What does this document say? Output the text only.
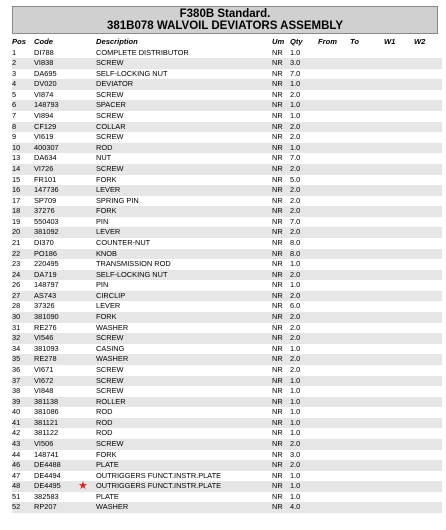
F380B Standard.
381B078 WALVOIL DEVIATORS ASSEMBLY
Pos	Code		Description	Um	Qty	From	To	W1	W2
1	DI788		COMPLETE DISTRIBUTOR	NR	1.0				
2	VI838		SCREW	NR	3.0				
3	DA695		SELF-LOCKING NUT	NR	7.0				
4	DV020		DEVIATOR	NR	1.0				
5	VI874		SCREW	NR	2.0				
6	148793		SPACER	NR	1.0				
7	VI894		SCREW	NR	1.0				
8	CF129		COLLAR	NR	2.0				
9	VI619		SCREW	NR	2.0				
10	400307		ROD	NR	1.0				
13	DA634		NUT	NR	7.0				
14	VI726		SCREW	NR	2.0				
15	FR101		FORK	NR	5.0				
16	147736		LEVER	NR	2.0				
17	SP709		SPRING PIN	NR	2.0				
18	37276		FORK	NR	2.0				
19	550403		PIN	NR	7.0				
20	381092		LEVER	NR	2.0				
21	DI370		COUNTER-NUT	NR	8.0				
22	PO186		KNOB	NR	8.0				
23	220495		TRANSMISSION ROD	NR	1.0				
24	DA719		SELF-LOCKING NUT	NR	2.0				
26	148797		PIN	NR	1.0				
27	AS743		CIRCLIP	NR	2.0				
28	37326		LEVER	NR	6.0				
30	381090		FORK	NR	2.0				
31	RE276		WASHER	NR	2.0				
32	VI546		SCREW	NR	2.0				
34	381093		CASING	NR	1.0				
35	RE278		WASHER	NR	2.0				
36	VI671		SCREW	NR	2.0				
37	VI672		SCREW	NR	1.0				
38	VI848		SCREW	NR	1.0				
39	381138		ROLLER	NR	1.0				
40	381086		ROD	NR	1.0				
41	381121		ROD	NR	1.0				
42	381122		ROD	NR	1.0				
43	VI506		SCREW	NR	2.0				
44	148741		FORK	NR	3.0				
46	DE4488		PLATE	NR	2.0				
47	DE4494		OUTRIGGERS FUNCT.INSTR.PLATE	NR	1.0				
48	DE4495	★	OUTRIGGERS FUNCT.INSTR.PLATE	NR	1.0				
51	382583		PLATE	NR	1.0				
52	RP207		WASHER	NR	4.0				
